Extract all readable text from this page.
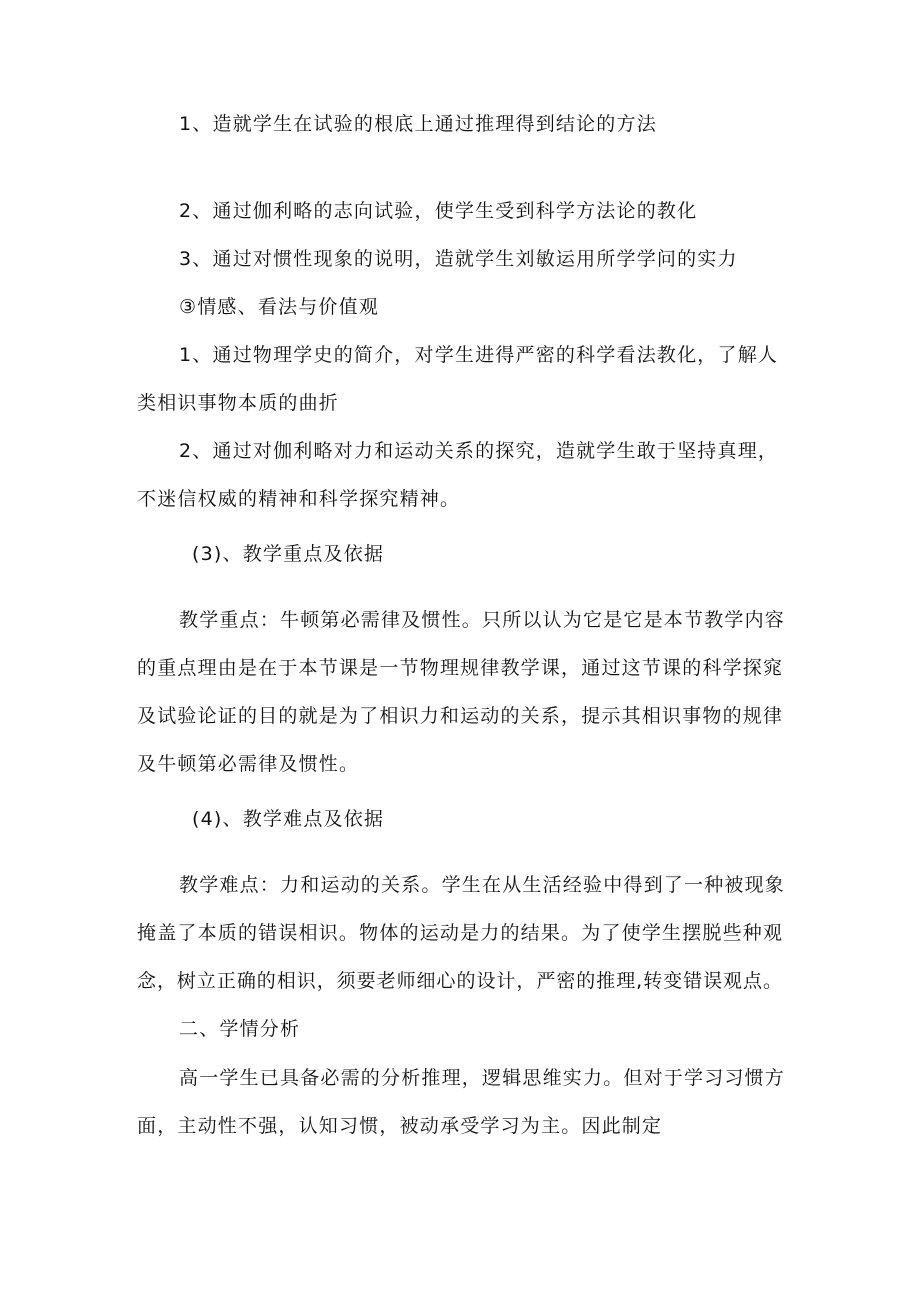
1、造就学生在试验的根底上通过推理得到结论的方法
2、通过伽利略的志向试验，使学生受到科学方法论的教化
3、通过对惯性现象的说明，造就学生刘敏运用所学学问的实力
③情感、看法与价值观
1、通过物理学史的简介，对学生进得严密的科学看法教化，了解人
类相识事物本质的曲折
2、通过对伽利略对力和运动关系的探究，造就学生敢于坚持真理，
不迷信权威的精神和科学探究精神。
(3)、教学重点及依据
教学重点：牛顿第必需律及惯性。只所以认为它是它是本节教学内容
的重点理由是在于本节课是一节物理规律教学课，通过这节课的科学探窕
及试验论证的目的就是为了相识力和运动的关系，提示其相识事物的规律
及牛顿第必需律及惯性。
(4)、教学难点及依据
教学难点：力和运动的关系。学生在从生活经验中得到了一种被现象
掩盖了本质的错误相识。物体的运动是力的结果。为了使学生摆脱些种观
念，树立正确的相识，须要老师细心的设计，严密的推理,转变错误观点。
二、学情分析
高一学生已具备必需的分析推理，逻辑思维实力。但对于学习习惯方
面，主动性不强，认知习惯，被动承受学习为主。因此制定
